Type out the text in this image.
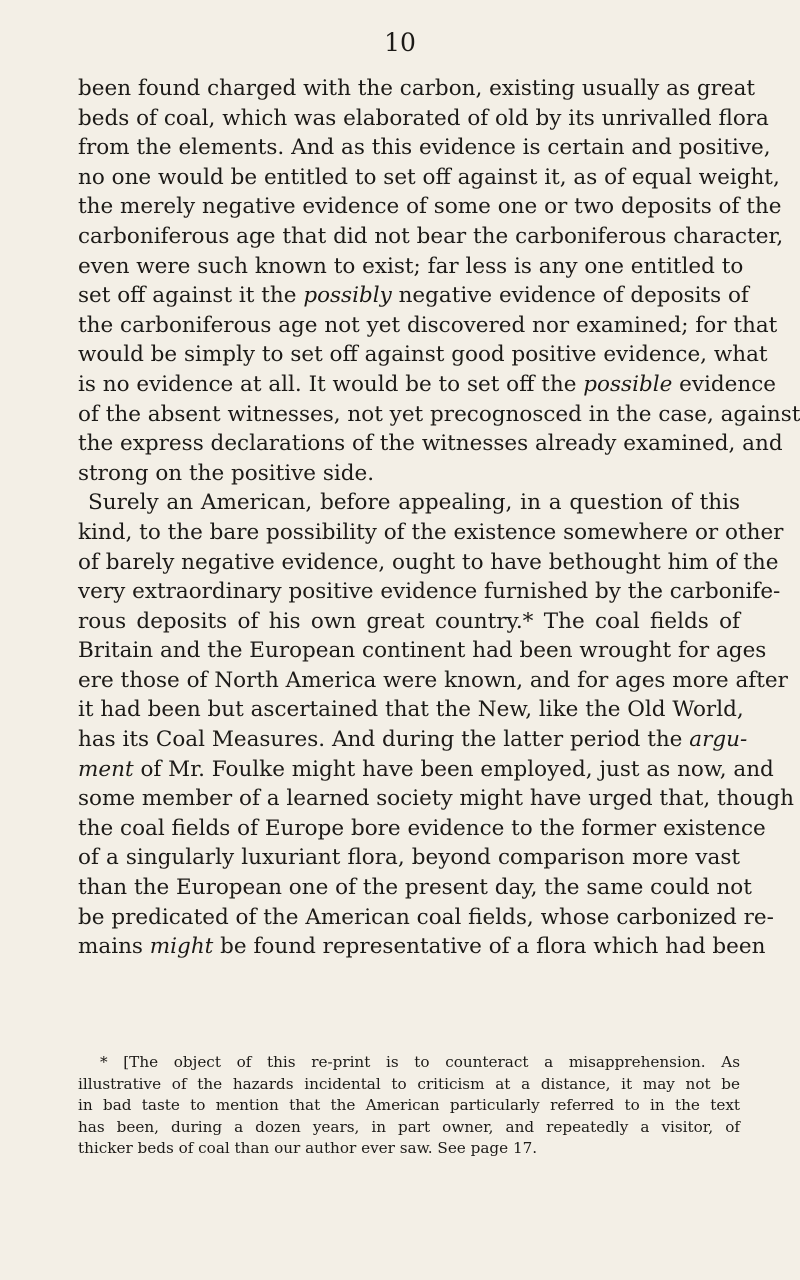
10
been found charged with the carbon, existing usually as great
beds of coal, which was elaborated of old by its unrivalled flora
from the elements. And as this evidence is certain and positive,
no one would be entitled to set off against it, as of equal weight,
the merely negative evidence of some one or two deposits of the
carboniferous age that did not bear the carboniferous character,
even were such known to exist; far less is any one entitled to
set off against it the possibly negative evidence of deposits of
the carboniferous age not yet discovered nor examined; for that
would be simply to set off against good positive evidence, what
is no evidence at all. It would be to set off the possible evidence
of the absent witnesses, not yet precognosced in the case, against
the express declarations of the witnesses already examined, and
strong on the positive side.
Surely an American, before appealing, in a question of this
kind, to the bare possibility of the existence somewhere or other
of barely negative evidence, ought to have bethought him of the
very extraordinary positive evidence furnished by the carbonife-
rous deposits of his own great country.* The coal fields of
Britain and the European continent had been wrought for ages
ere those of North America were known, and for ages more after
it had been but ascertained that the New, like the Old World,
has its Coal Measures. And during the latter period the argu-
ment of Mr. Foulke might have been employed, just as now, and
some member of a learned society might have urged that, though
the coal fields of Europe bore evidence to the former existence
of a singularly luxuriant flora, beyond comparison more vast
than the European one of the present day, the same could not
be predicated of the American coal fields, whose carbonized re-
mains might be found representative of a flora which had been
* [The object of this re-print is to counteract a misapprehension. As
illustrative of the hazards incidental to criticism at a distance, it may not be
in bad taste to mention that the American particularly referred to in the text
has been, during a dozen years, in part owner, and repeatedly a visitor, of
thicker beds of coal than our author ever saw. See page 17.
